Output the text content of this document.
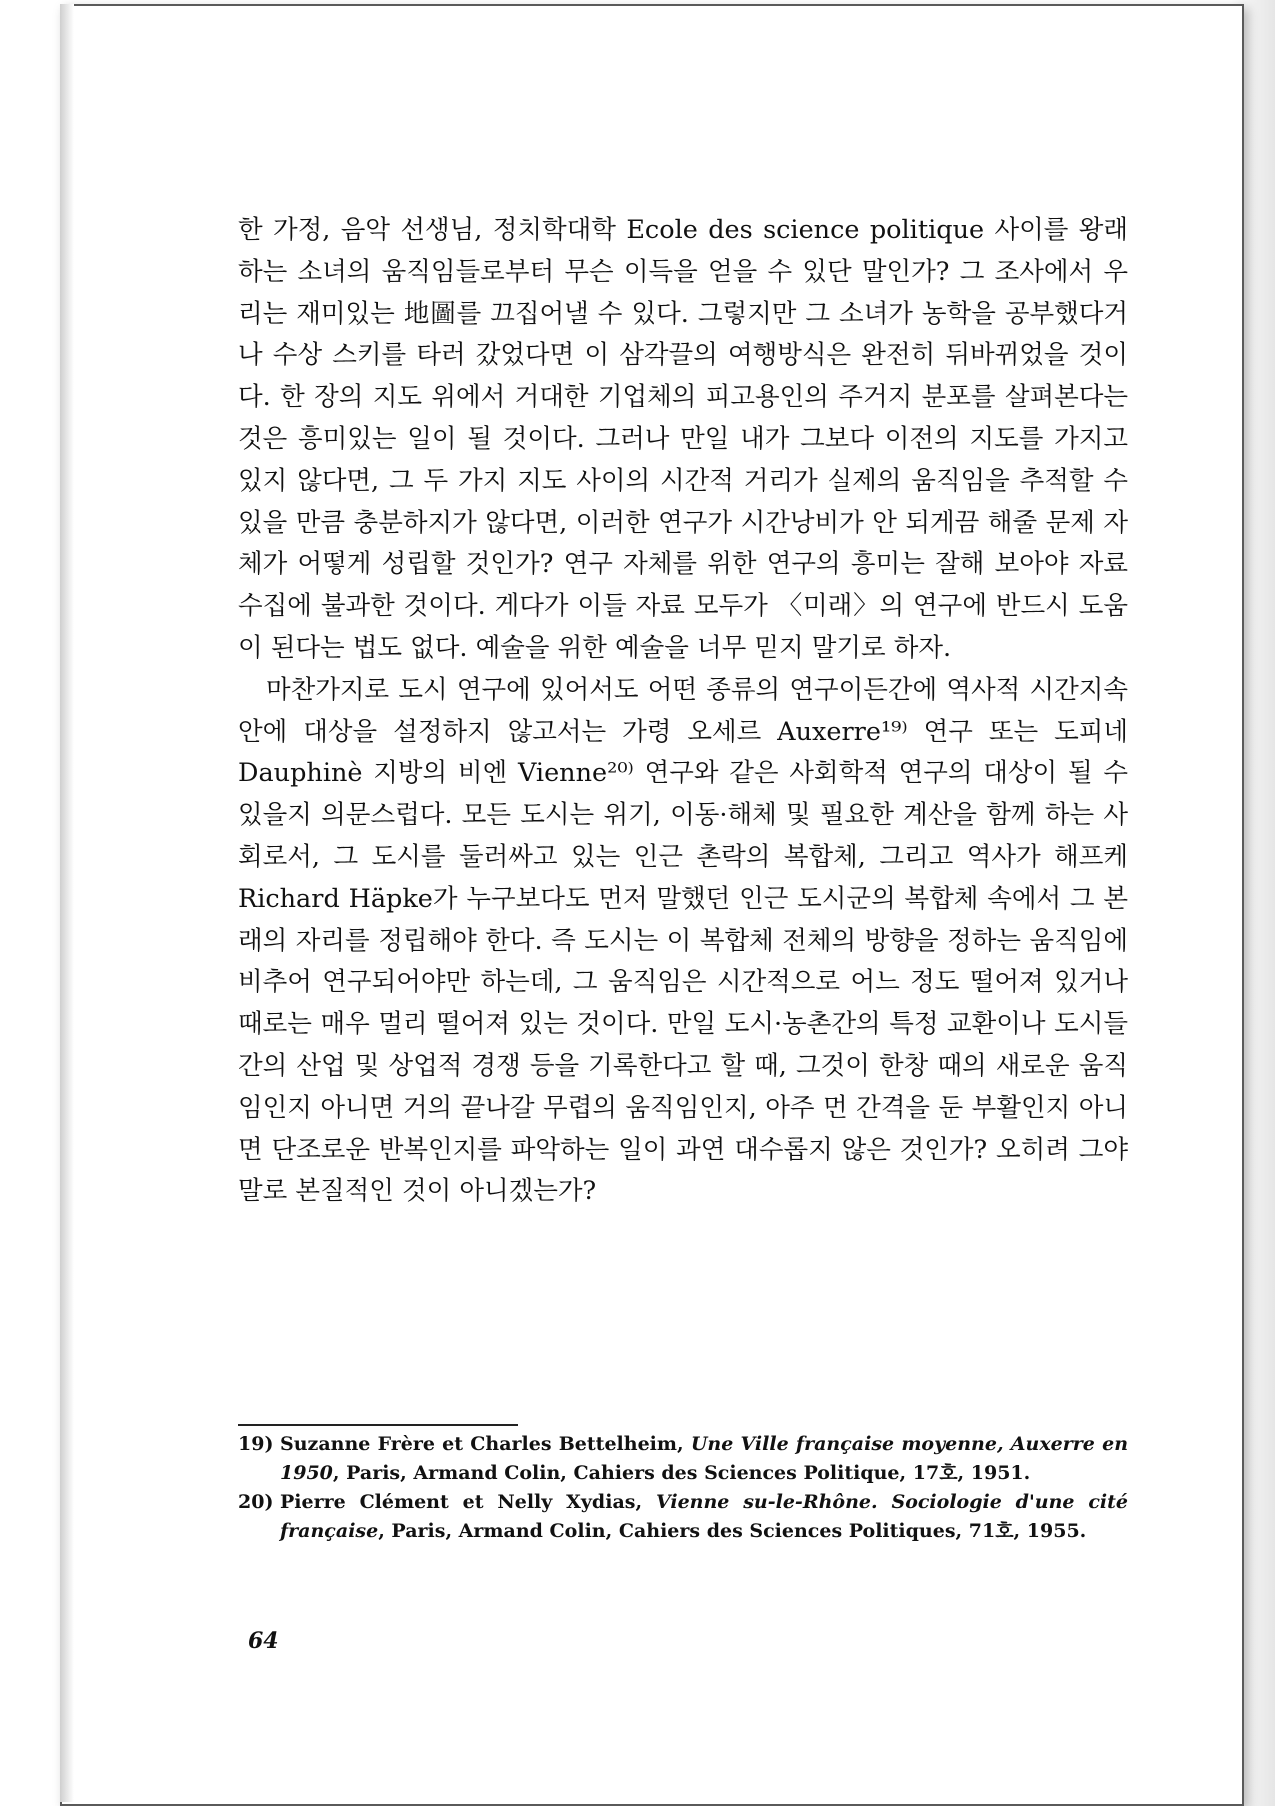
한 가정, 음악 선생님, 정치학대학 Ecole des science politique 사이를 왕래하는 소녀의 움직임들로부터 무슨 이득을 얻을 수 있단 말인가? 그 조사에서 우리는 재미있는 地圖를 끄집어낼 수 있다. 그렇지만 그 소녀가 농학을 공부했다거나 수상 스키를 타러 갔었다면 이 삼각끌의 여행방식은 완전히 뒤바뀌었을 것이다. 한 장의 지도 위에서 거대한 기업체의 피고용인의 주거지 분포를 살펴본다는 것은 흥미있는 일이 될 것이다. 그러나 만일 내가 그보다 이전의 지도를 가지고 있지 않다면, 그 두 가지 지도 사이의 시간적 거리가 실제의 움직임을 추적할 수 있을 만큼 충분하지가 않다면, 이러한 연구가 시간낭비가 안 되게끔 해줄 문제 자체가 어떻게 성립할 것인가? 연구 자체를 위한 연구의 흥미는 잘해 보아야 자료수집에 불과한 것이다. 게다가 이들 자료 모두가 〈미래〉의 연구에 반드시 도움이 된다는 법도 없다. 예술을 위한 예술을 너무 믿지 말기로 하자.

마찬가지로 도시 연구에 있어서도 어떤 종류의 연구이든간에 역사적 시간지속 안에 대상을 설정하지 않고서는 가령 오세르 Auxerre¹⁹⁾ 연구 또는 도피네 Dauphinè 지방의 비엔 Vienne²⁰⁾ 연구와 같은 사회학적 연구의 대상이 될 수 있을지 의문스럽다. 모든 도시는 위기, 이동·해체 및 필요한 계산을 함께 하는 사회로서, 그 도시를 둘러싸고 있는 인근 촌락의 복합체, 그리고 역사가 해프케 Richard Häpke가 누구보다도 먼저 말했던 인근 도시군의 복합체 속에서 그 본래의 자리를 정립해야 한다. 즉 도시는 이 복합체 전체의 방향을 정하는 움직임에 비추어 연구되어야만 하는데, 그 움직임은 시간적으로 어느 정도 떨어져 있거나 때로는 매우 멀리 떨어져 있는 것이다. 만일 도시·농촌간의 특정 교환이나 도시들간의 산업 및 상업적 경쟁 등을 기록한다고 할 때, 그것이 한창 때의 새로운 움직임인지 아니면 거의 끝나갈 무렵의 움직임인지, 아주 먼 간격을 둔 부활인지 아니면 단조로운 반복인지를 파악하는 일이 과연 대수롭지 않은 것인가? 오히려 그야말로 본질적인 것이 아니겠는가?

19) Suzanne Frère et Charles Bettelheim, Une Ville française moyenne, Auxerre en 1950, Paris, Armand Colin, Cahiers des Sciences Politique, 17호, 1951.
20) Pierre Clément et Nelly Xydias, Vienne su-le-Rhône. Sociologie d'une cité française, Paris, Armand Colin, Cahiers des Sciences Politiques, 71호, 1955.
64
